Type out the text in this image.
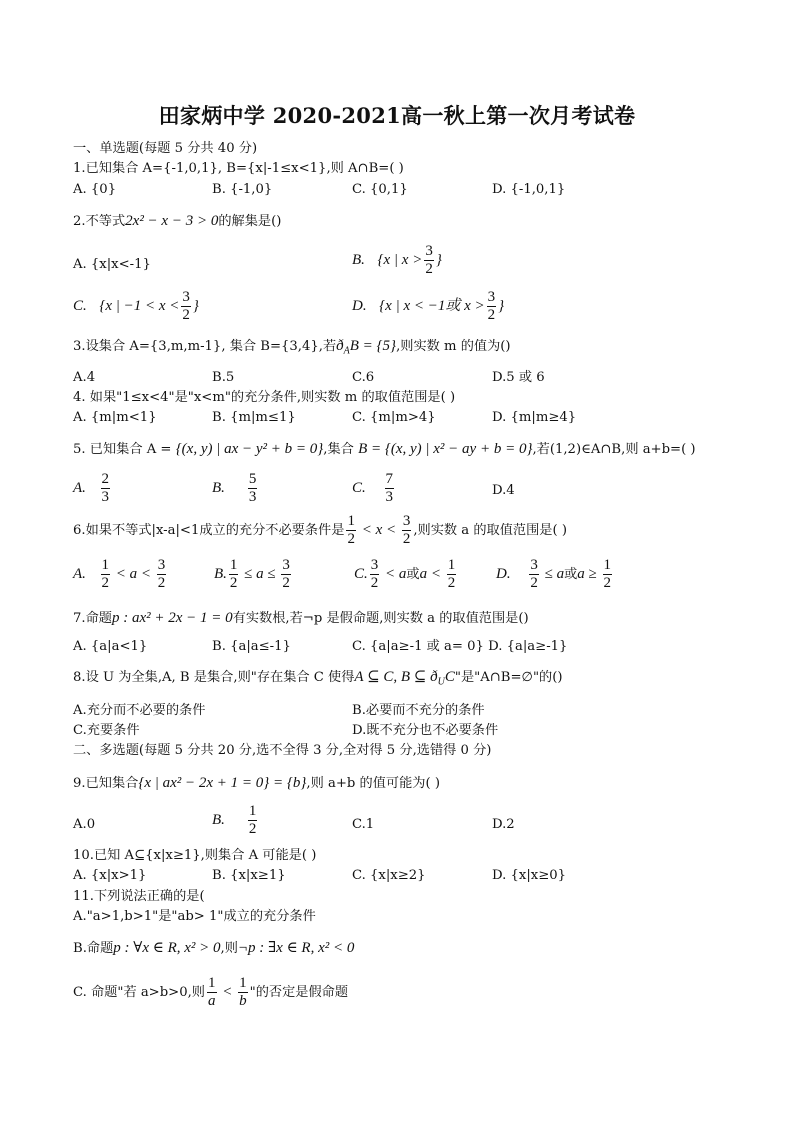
田家炳中学 2020-2021高一秋上第一次月考试卷
一、单选题(每题 5 分共 40 分)
1.已知集合 A={-1,0,1}, B={x|-1≤x<1},则 A∩B=( )
A. {0}	B. {-1,0}	C. {0,1}	D. {-1,0,1}
2.不等式2x² − x − 3 > 0的解集是()
A. {x|x<-1}	B. {x | $x > \frac{3}{2}$ }
C. {x | $-1 < x < \frac{3}{2}$ }	D. {x | x < −1或 $x > \frac{3}{2}$ }
3.设集合 A={3,m,m-1}, 集合 B={3,4},若$ð_AB = \{5\}$,则实数 m 的值为()
A.4	B.5	C.6	D.5 或 6
4. 如果"1≤x<4"是"x<m"的充分条件,则实数 m 的取值范围是( )
A. {m|m<1}	B. {m|m≤1}	C. {m|m>4}	D. {m|m≥4}
5. 已知集合 A = {(x, y) | ax − y² + b = 0},集合 B = {(x, y) | x² − ay + b = 0},若(1,2)∈A∩B,则 a+b=( )
A. $\frac{2}{3}$	B. $\frac{5}{3}$	C. $\frac{7}{3}$	D.4
6.如果不等式|x-a|<1成立的充分不必要条件是 $\frac{1}{2} < x < \frac{3}{2}$ ,则实数 a 的取值范围是( )
A. $\frac{1}{2} < a < \frac{3}{2}$	B. $\frac{1}{2} \le a \le \frac{3}{2}$	C. $\frac{3}{2} < a$或$a < \frac{1}{2}$	D. $\frac{3}{2} \le a$或$a \ge \frac{1}{2}$
7.命题p : ax² + 2x − 1 = 0有实数根,若¬p 是假命题,则实数 a 的取值范围是()
A. {a|a<1}	B. {a|a≤-1}	C. {a|a≥-1 或 a= 0} D. {a|a≥-1}
8.设 U 为全集,A, B 是集合,则"存在集合 C 使得A ⊆ C, B ⊆ $ð_UC$"是"A∩B=∅"的()
A.充分而不必要的条件	B.必要而不充分的条件
C.充要条件	D.既不充分也不必要条件
二、多选题(每题 5 分共 20 分,选不全得 3 分,全对得 5 分,选错得 0 分)
9.已知集合{x | ax² − 2x + 1 = 0} = {b},则 a+b 的值可能为( )
A.0	B. $\frac{1}{2}$	C.1	D.2
10.已知 A⊆{x|x≥1},则集合 A 可能是( )
A. {x|x>1}	B. {x|x≥1}	C. {x|x≥2}	D. {x|x≥0}
11.下列说法正确的是(
A."a>1,b>1"是"ab> 1"成立的充分条件
B.命题p : ∀x ∈ R, x² > 0,则¬p : ∃x ∈ R, x² < 0
C. 命题"若 a>b>0,则 $\frac{1}{a} < \frac{1}{b}$ "的否定是假命题
